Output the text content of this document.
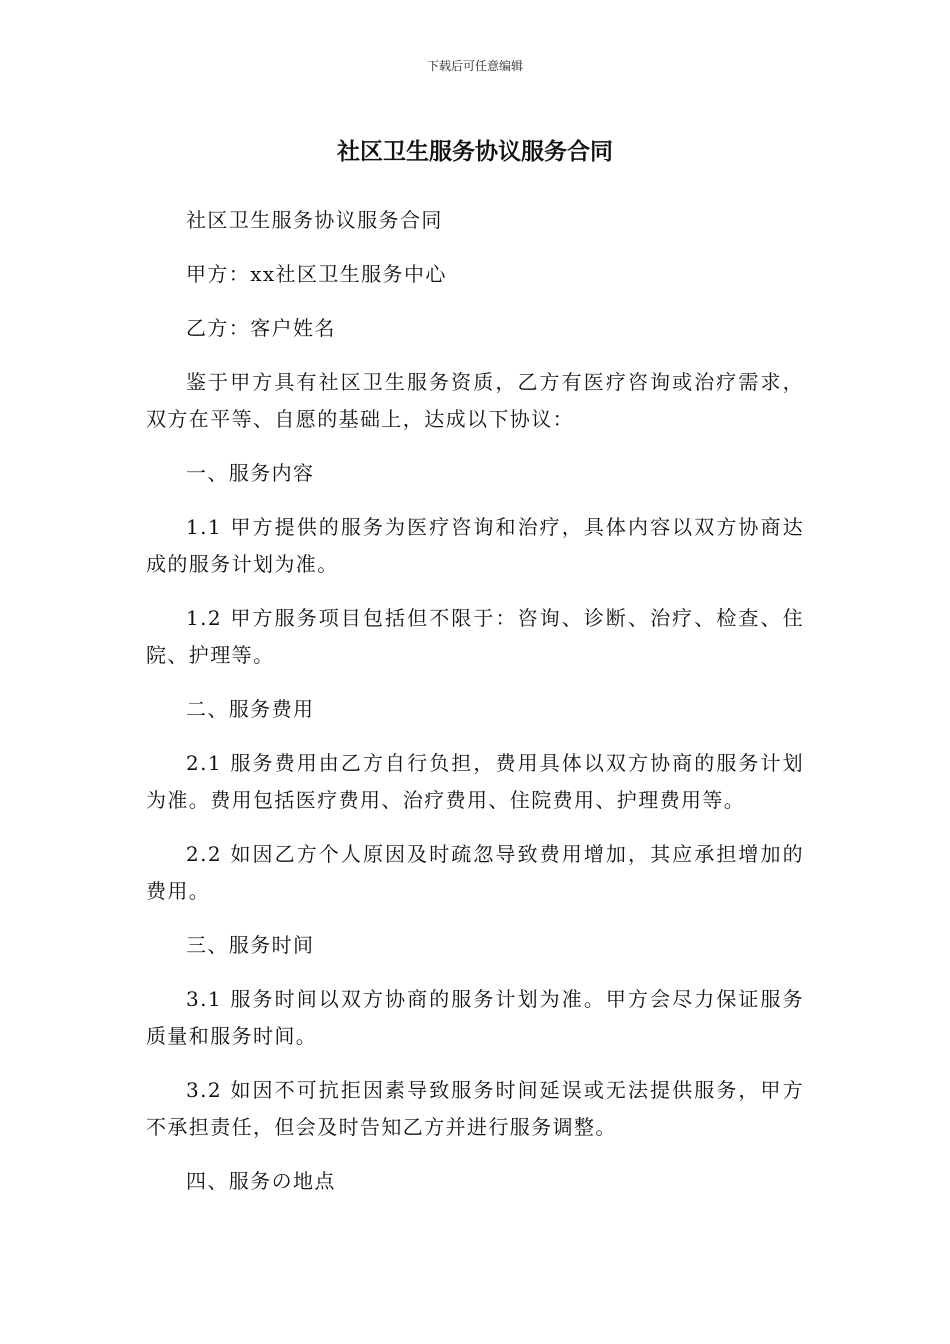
下载后可任意编辑
社区卫生服务协议服务合同

社区卫生服务协议服务合同

甲方：xx社区卫生服务中心

乙方：客户姓名

鉴于甲方具有社区卫生服务资质，乙方有医疗咨询或治疗需求，双方在平等、自愿的基础上，达成以下协议：

一、服务内容

1.1 甲方提供的服务为医疗咨询和治疗，具体内容以双方协商达成的服务计划为准。

1.2 甲方服务项目包括但不限于：咨询、诊断、治疗、检查、住院、护理等。

二、服务费用

2.1 服务费用由乙方自行负担，费用具体以双方协商的服务计划为准。费用包括医疗费用、治疗费用、住院费用、护理费用等。

2.2 如因乙方个人原因及时疏忽导致费用增加，其应承担增加的费用。

三、服务时间

3.1 服务时间以双方协商的服务计划为准。甲方会尽力保证服务质量和服务时间。

3.2 如因不可抗拒因素导致服务时间延误或无法提供服务，甲方不承担责任，但会及时告知乙方并进行服务调整。

四、服务の地点
